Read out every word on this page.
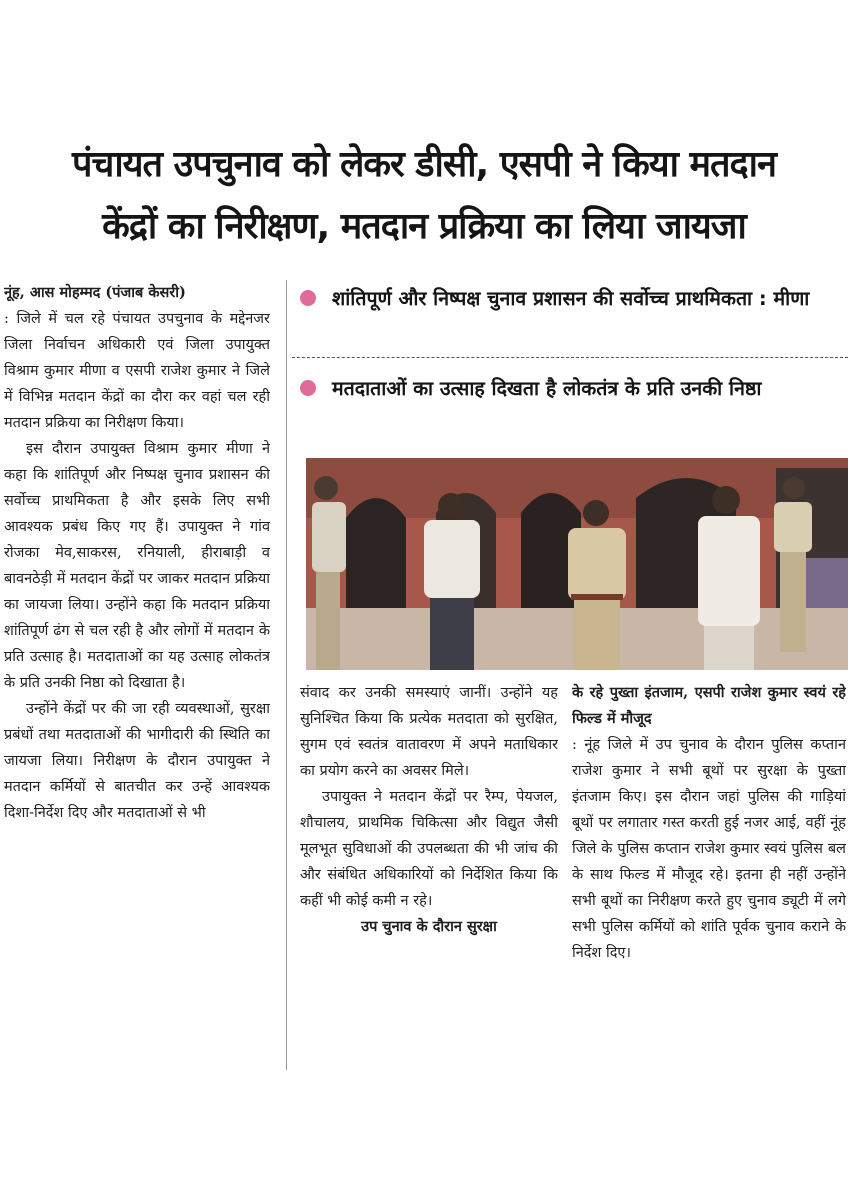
पंचायत उपचुनाव को लेकर डीसी, एसपी ने किया मतदान
केंद्रों का निरीक्षण, मतदान प्रक्रिया का लिया जायजा

नूंह, आस मोहम्मद (पंजाब केसरी)

: जिले में चल रहे पंचायत उपचुनाव के मद्देनजर जिला निर्वाचन अधिकारी एवं जिला उपायुक्त विश्राम कुमार मीणा व एसपी राजेश कुमार ने जिले में विभिन्न मतदान केंद्रों का दौरा कर वहां चल रही मतदान प्रक्रिया का निरीक्षण किया।

इस दौरान उपायुक्त विश्राम कुमार मीणा ने कहा कि शांतिपूर्ण और निष्पक्ष चुनाव प्रशासन की सर्वोच्च प्राथमिकता है और इसके लिए सभी आवश्यक प्रबंध किए गए हैं। उपायुक्त ने गांव रोजका मेव,साकरस, रनियाली, हीराबाड़ी व बावनठेड़ी में मतदान केंद्रों पर जाकर मतदान प्रक्रिया का जायजा लिया। उन्होंने कहा कि मतदान प्रक्रिया शांतिपूर्ण ढंग से चल रही है और लोगों में मतदान के प्रति उत्साह है। मतदाताओं का यह उत्साह लोकतंत्र के प्रति उनकी निष्ठा को दिखाता है।

उन्होंने केंद्रों पर की जा रही व्यवस्थाओं, सुरक्षा प्रबंधों तथा मतदाताओं की भागीदारी की स्थिति का जायजा लिया। निरीक्षण के दौरान उपायुक्त ने मतदान कर्मियों से बातचीत कर उन्हें आवश्यक दिशा-निर्देश दिए और मतदाताओं से भी

शांतिपूर्ण और निष्पक्ष चुनाव प्रशासन की सर्वोच्च प्राथमिकता : मीणा
मतदाताओं का उत्साह दिखता है लोकतंत्र के प्रति उनकी निष्ठा

संवाद कर उनकी समस्याएं जानीं। उन्होंने यह सुनिश्चित किया कि प्रत्येक मतदाता को सुरक्षित, सुगम एवं स्वतंत्र वातावरण में अपने मताधिकार का प्रयोग करने का अवसर मिले।

उपायुक्त ने मतदान केंद्रों पर रैम्प, पेयजल, शौचालय, प्राथमिक चिकित्सा और विद्युत जैसी मूलभूत सुविधाओं की उपलब्धता की भी जांच की और संबंधित अधिकारियों को निर्देशित किया कि कहीं भी कोई कमी न रहे।

उप चुनाव के दौरान सुरक्षा

के रहे पुख्ता इंतजाम, एसपी राजेश कुमार स्वयं रहे फिल्ड में मौजूद

: नूंह जिले में उप चुनाव के दौरान पुलिस कप्तान राजेश कुमार ने सभी बूथों पर सुरक्षा के पुख्ता इंतजाम किए। इस दौरान जहां पुलिस की गाड़ियां बूथों पर लगातार गस्त करती हुई नजर आई, वहीं नूंह जिले के पुलिस कप्तान राजेश कुमार स्वयं पुलिस बल के साथ फिल्ड में मौजूद रहे। इतना ही नहीं उन्होंने सभी बूथों का निरीक्षण करते हुए चुनाव ड्यूटी में लगे सभी पुलिस कर्मियों को शांति पूर्वक चुनाव कराने के निर्देश दिए।
